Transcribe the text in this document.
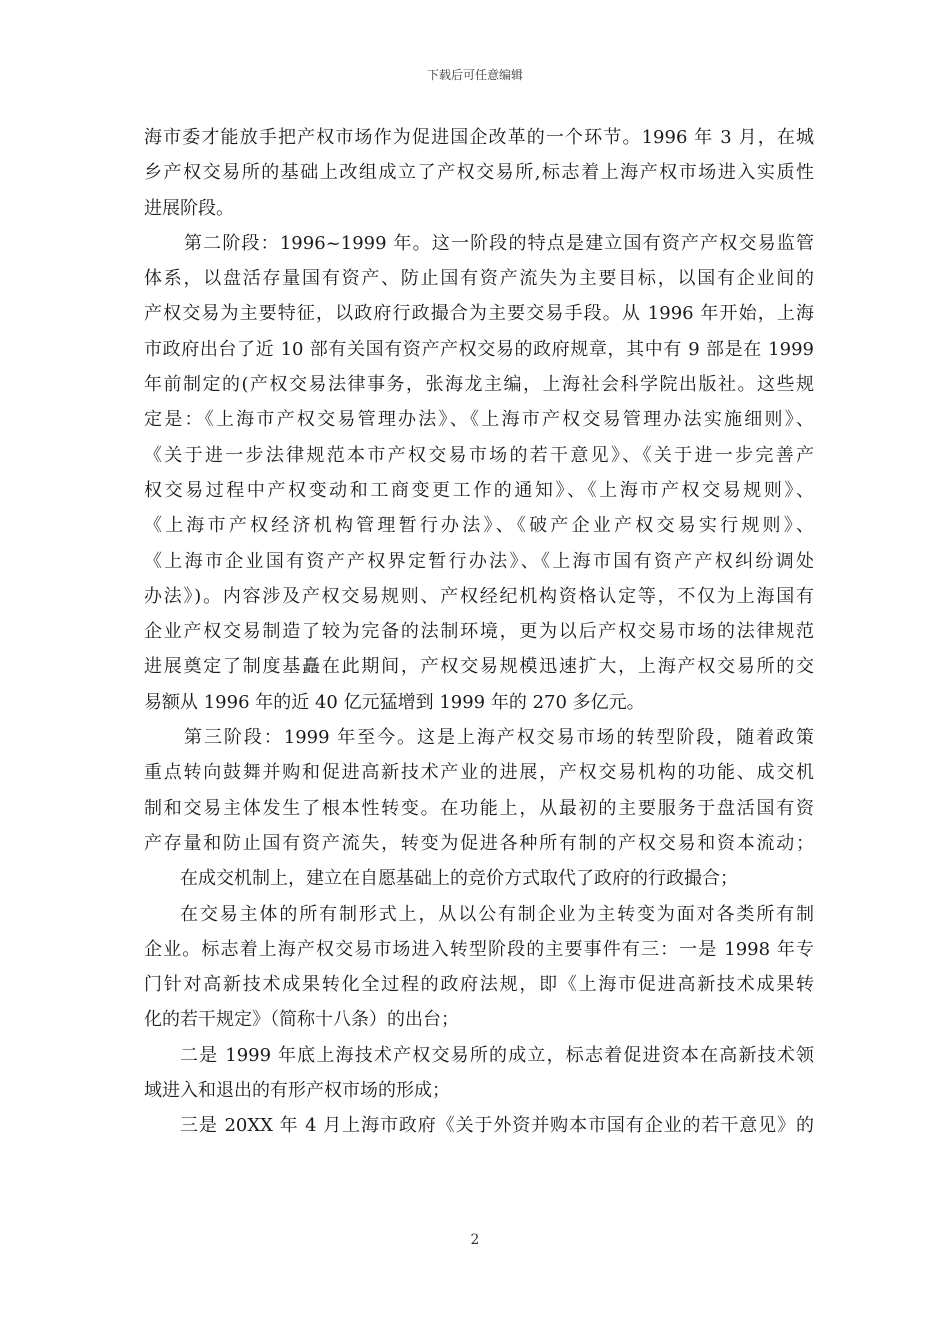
下载后可任意编辑
海市委才能放手把产权市场作为促进国企改革的一个环节。1996 年 3 月，在城
乡产权交易所的基础上改组成立了产权交易所,标志着上海产权市场进入实质性
进展阶段。
第二阶段：1996~1999 年。这一阶段的特点是建立国有资产产权交易监管
体系，以盘活存量国有资产、防止国有资产流失为主要目标，以国有企业间的
产权交易为主要特征，以政府行政撮合为主要交易手段。从 1996 年开始，上海
市政府出台了近 10 部有关国有资产产权交易的政府规章，其中有 9 部是在 1999
年前制定的(产权交易法律事务，张海龙主编，上海社会科学院出版社。这些规
定是：《上海市产权交易管理办法》、《上海市产权交易管理办法实施细则》、
《关于进一步法律规范本市产权交易市场的若干意见》、《关于进一步完善产
权交易过程中产权变动和工商变更工作的通知》、《上海市产权交易规则》、
《上海市产权经济机构管理暂行办法》、《破产企业产权交易实行规则》、
《上海市企业国有资产产权界定暂行办法》、《上海市国有资产产权纠纷调处
办法》)。内容涉及产权交易规则、产权经纪机构资格认定等，不仅为上海国有
企业产权交易制造了较为完备的法制环境，更为以后产权交易市场的法律规范
进展奠定了制度基矗在此期间，产权交易规模迅速扩大，上海产权交易所的交
易额从 1996 年的近 40 亿元猛增到 1999 年的 270 多亿元。
第三阶段：1999 年至今。这是上海产权交易市场的转型阶段，随着政策
重点转向鼓舞并购和促进高新技术产业的进展，产权交易机构的功能、成交机
制和交易主体发生了根本性转变。在功能上，从最初的主要服务于盘活国有资
产存量和防止国有资产流失，转变为促进各种所有制的产权交易和资本流动；
在成交机制上，建立在自愿基础上的竞价方式取代了政府的行政撮合；
在交易主体的所有制形式上，从以公有制企业为主转变为面对各类所有制
企业。标志着上海产权交易市场进入转型阶段的主要事件有三：一是 1998 年专
门针对高新技术成果转化全过程的政府法规，即《上海市促进高新技术成果转
化的若干规定》（简称十八条）的出台；
二是 1999 年底上海技术产权交易所的成立，标志着促进资本在高新技术领
域进入和退出的有形产权市场的形成；
三是 20XX 年 4 月上海市政府《关于外资并购本市国有企业的若干意见》的
2
